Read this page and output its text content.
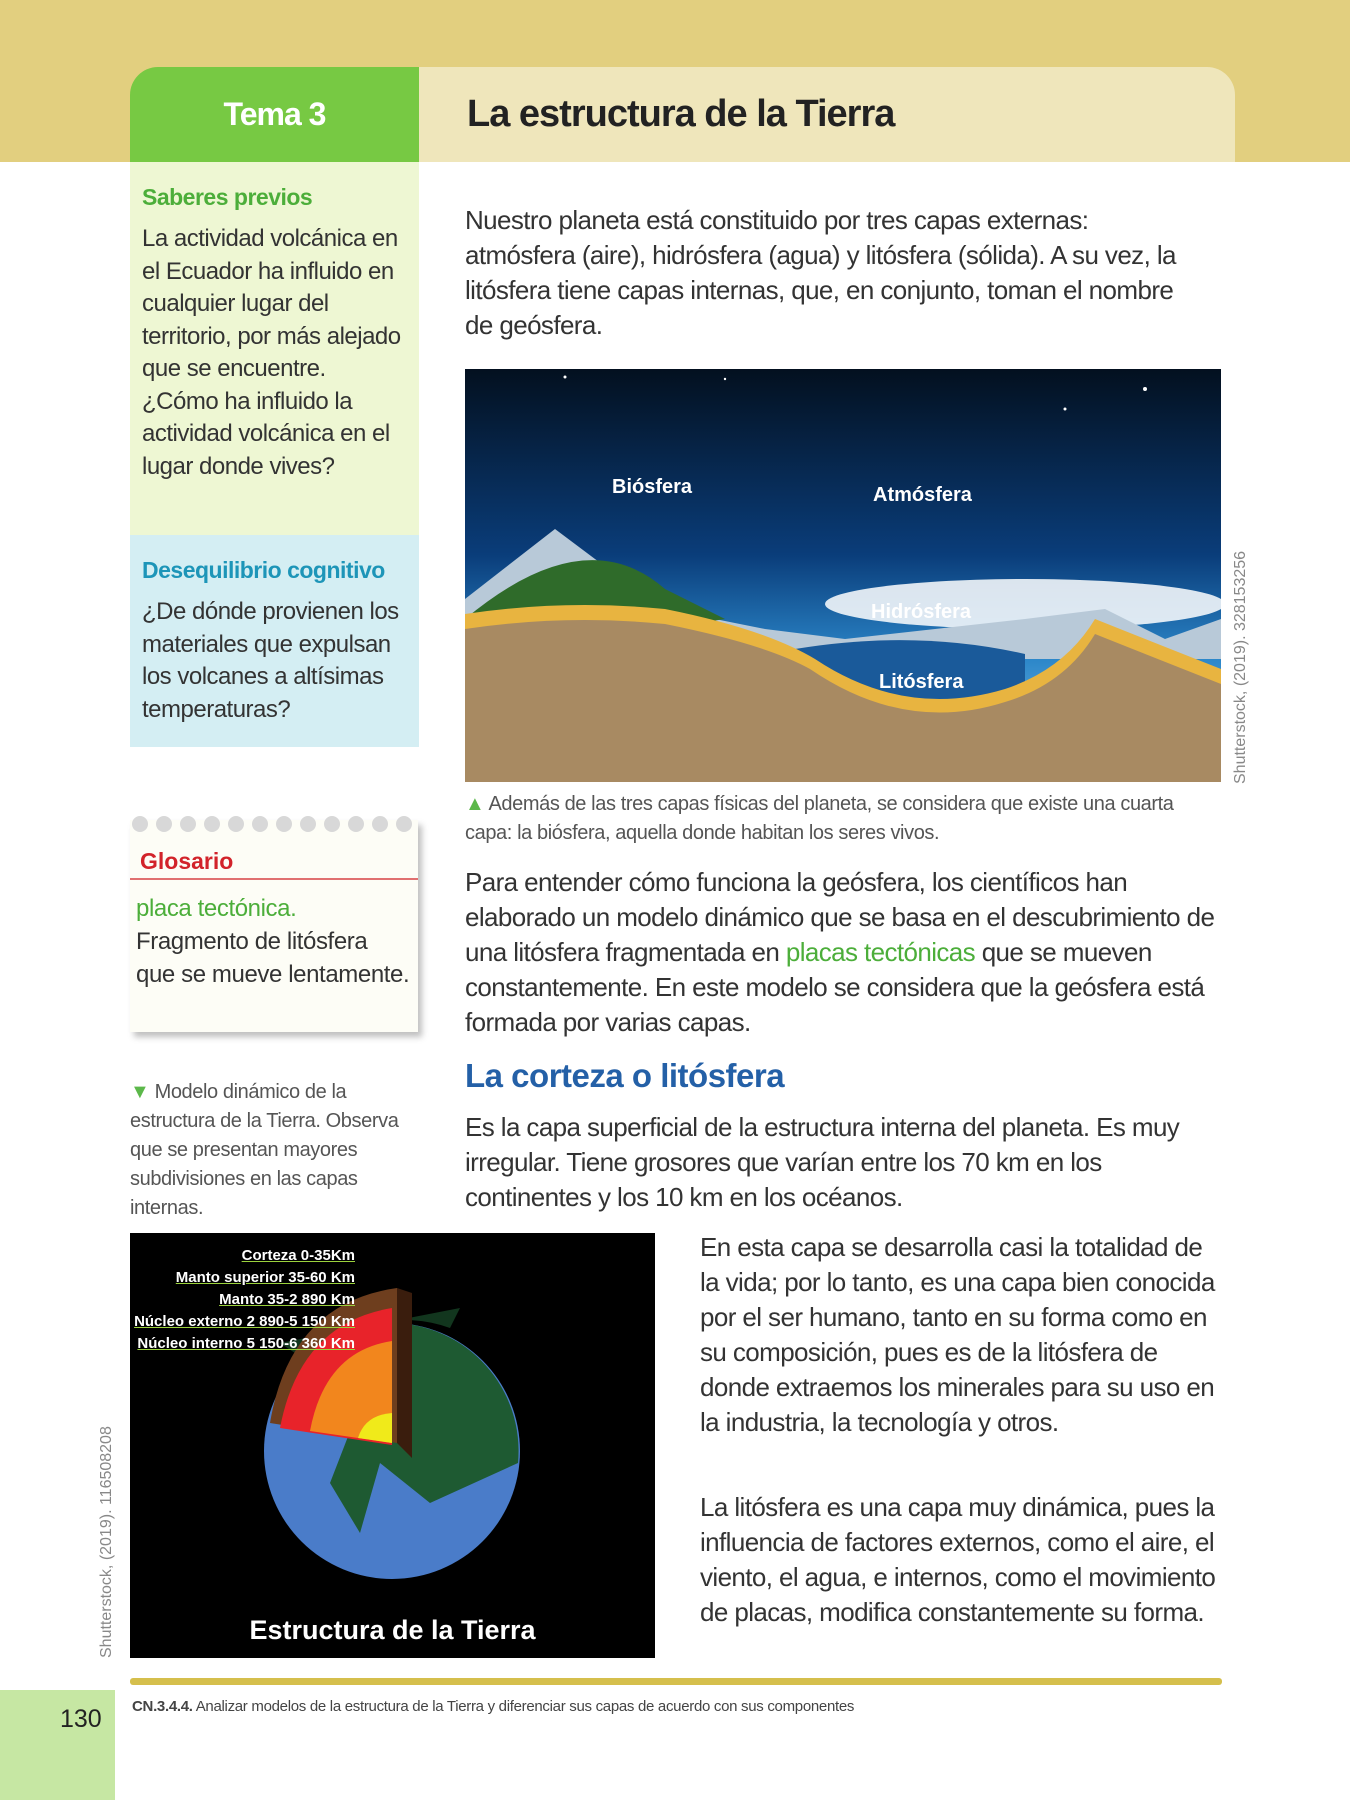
Tema 3	La estructura de la Tierra
Saberes previos
La actividad volcánica en el Ecuador ha influido en cualquier lugar del territorio, por más alejado que se encuentre. ¿Cómo ha influido la actividad volcánica en el lugar donde vives?
Desequilibrio cognitivo
¿De dónde provienen los materiales que expulsan los volcanes a altísimas temperaturas?
Nuestro planeta está constituido por tres capas externas: atmósfera (aire), hidrósfera (agua) y litósfera (sólida). A su vez, la litósfera tiene capas internas, que, en conjunto, toman el nombre de geósfera.
Biósfera	Atmósfera
Hidrósfera
Litósfera	Shutterstock, (2019). 328153256
▲ Además de las tres capas físicas del planeta, se considera que existe una cuarta capa: la biósfera, aquella donde habitan los seres vivos.
Para entender cómo funciona la geósfera, los científicos han elaborado un modelo dinámico que se basa en el descubrimiento de una litósfera fragmentada en placas tectónicas que se mueven constantemente. En este modelo se considera que la geósfera está formada por varias capas.
Glosario
placa tectónica. Fragmento de litósfera que se mueve lentamente.
▼ Modelo dinámico de la estructura de la Tierra. Observa que se presentan mayores subdivisiones en las capas internas.
La corteza o litósfera
Es la capa superficial de la estructura interna del planeta. Es muy irregular. Tiene grosores que varían entre los 70 km en los continentes y los 10 km en los océanos.
En esta capa se desarrolla casi la totalidad de la vida; por lo tanto, es una capa bien conocida por el ser humano, tanto en su forma como en su composición, pues es de la litósfera de donde extraemos los minerales para su uso en la industria, la tecnología y otros.
La litósfera es una capa muy dinámica, pues la influencia de factores externos, como el aire, el viento, el agua, e internos, como el movimiento de placas, modifica constantemente su forma.
Corteza 0-35Km
Manto superior 35-60 Km
Manto 35-2 890 Km
Núcleo externo 2 890-5 150 Km
Núcleo interno 5 150-6 360 Km
Estructura de la Tierra
Shutterstock, (2019). 116508208
CN.3.4.4. Analizar modelos de la estructura de la Tierra y diferenciar sus capas de acuerdo con sus componentes
130
